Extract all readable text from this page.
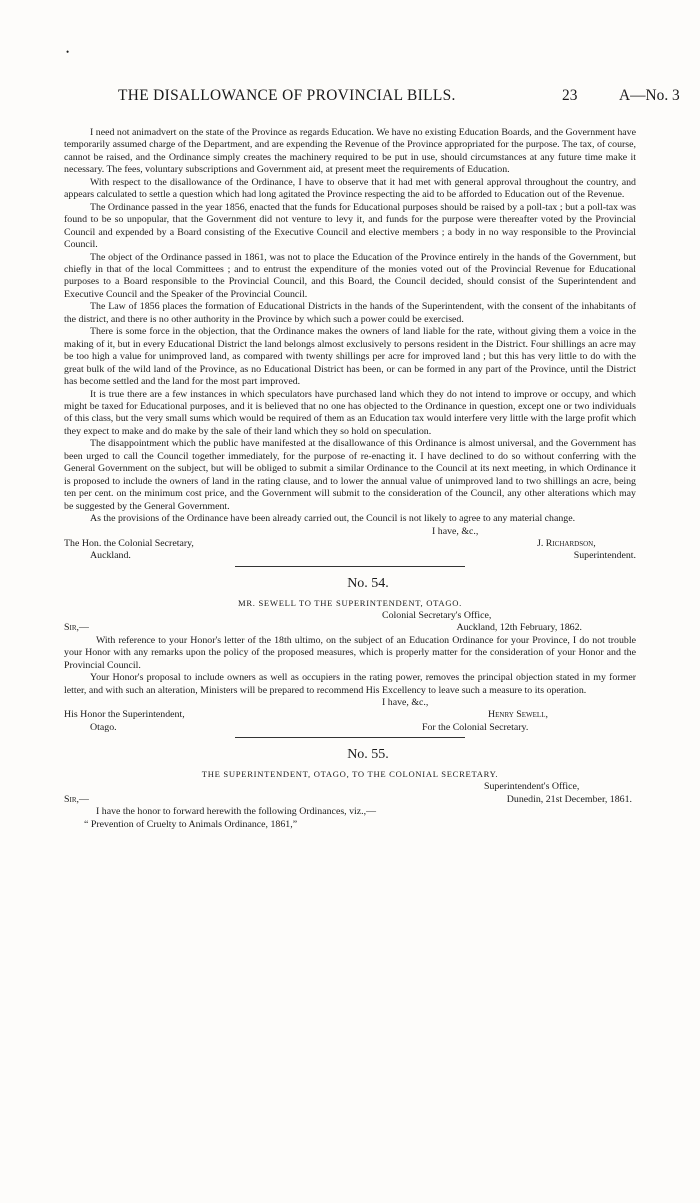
•
THE DISALLOWANCE OF PROVINCIAL BILLS.	23	A—No. 3

I need not animadvert on the state of the Province as regards Education. We have no existing Education Boards, and the Government have temporarily assumed charge of the Department, and are expending the Revenue of the Province appropriated for the purpose. The tax, of course, cannot be raised, and the Ordinance simply creates the machinery required to be put in use, should circumstances at any future time make it necessary. The fees, voluntary subscriptions and Government aid, at present meet the requirements of Education.

With respect to the disallowance of the Ordinance, I have to observe that it had met with general approval throughout the country, and appears calculated to settle a question which had long agitated the Province respecting the aid to be afforded to Education out of the Revenue.

The Ordinance passed in the year 1856, enacted that the funds for Educational purposes should be raised by a poll-tax ; but a poll-tax was found to be so unpopular, that the Government did not venture to levy it, and funds for the purpose were thereafter voted by the Provincial Council and expended by a Board consisting of the Executive Council and elective members ; a body in no way responsible to the Provincial Council.

The object of the Ordinance passed in 1861, was not to place the Education of the Province entirely in the hands of the Government, but chiefly in that of the local Committees ; and to entrust the expenditure of the monies voted out of the Provincial Revenue for Educational purposes to a Board responsible to the Provincial Council, and this Board, the Council decided, should consist of the Superintendent and Executive Council and the Speaker of the Provincial Council.

The Law of 1856 places the formation of Educational Districts in the hands of the Superintendent, with the consent of the inhabitants of the district, and there is no other authority in the Province by which such a power could be exercised.

There is some force in the objection, that the Ordinance makes the owners of land liable for the rate, without giving them a voice in the making of it, but in every Educational District the land belongs almost exclusively to persons resident in the District. Four shillings an acre may be too high a value for unimproved land, as compared with twenty shillings per acre for improved land ; but this has very little to do with the great bulk of the wild land of the Province, as no Educational District has been, or can be formed in any part of the Province, until the District has become settled and the land for the most part improved.

It is true there are a few instances in which speculators have purchased land which they do not intend to improve or occupy, and which might be taxed for Educational purposes, and it is believed that no one has objected to the Ordinance in question, except one or two individuals of this class, but the very small sums which would be required of them as an Education tax would interfere very little with the large profit which they expect to make and do make by the sale of their land which they so hold on speculation.

The disappointment which the public have manifested at the disallowance of this Ordinance is almost universal, and the Government has been urged to call the Council together immediately, for the purpose of re-enacting it. I have declined to do so without conferring with the General Government on the subject, but will be obliged to submit a similar Ordinance to the Council at its next meeting, in which Ordinance it is proposed to include the owners of land in the rating clause, and to lower the annual value of unimproved land to two shillings an acre, being ten per cent. on the minimum cost price, and the Government will submit to the consideration of the Council, any other alterations which may be suggested by the General Government.

As the provisions of the Ordinance have been already carried out, the Council is not likely to agree to any material change.

I have, &c.,
The Hon. the Colonial Secretary,	J. Richardson,
Auckland.	Superintendent.
No. 54.
MR. SEWELL TO THE SUPERINTENDENT, OTAGO.
Colonial Secretary's Office,
Sir,—	Auckland, 12th February, 1862.

With reference to your Honor's letter of the 18th ultimo, on the subject of an Education Ordinance for your Province, I do not trouble your Honor with any remarks upon the policy of the proposed measures, which is properly matter for the consideration of your Honor and the Provincial Council.

Your Honor's proposal to include owners as well as occupiers in the rating power, removes the principal objection stated in my former letter, and with such an alteration, Ministers will be prepared to recommend His Excellency to leave such a measure to its operation.

I have, &c.,
His Honor the Superintendent,	Henry Sewell,
Otago.	For the Colonial Secretary.
No. 55.
THE SUPERINTENDENT, OTAGO, TO THE COLONIAL SECRETARY.
Superintendent's Office,
Sir,—	Dunedin, 21st December, 1861.

I have the honor to forward herewith the following Ordinances, viz.,—

“ Prevention of Cruelty to Animals Ordinance, 1861,”
